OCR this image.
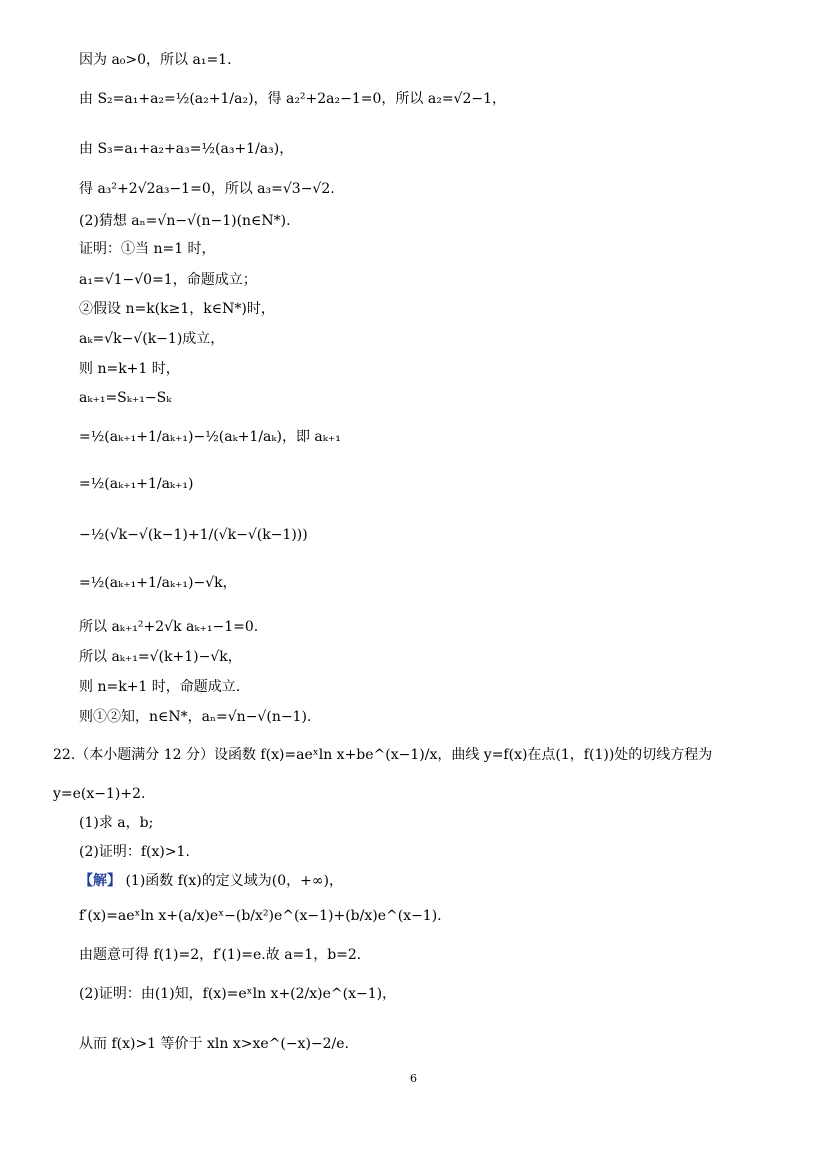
因为 a₀>0，所以 a₁=1.
由 S₂=a₁+a₂=½(a₂+1/a₂)，得 a₂²+2a₂−1=0，所以 a₂=√2−1，
由 S₃=a₁+a₂+a₃=½(a₃+1/a₃)，
得 a₃²+2√2a₃−1=0，所以 a₃=√3−√2.
(2)猜想 aₙ=√n−√(n−1)(n∈N*).
证明：①当 n=1 时，
a₁=√1−√0=1，命题成立；
②假设 n=k(k≥1，k∈N*)时，
aₖ=√k−√(k−1)成立，
则 n=k+1 时，
aₖ₊₁=Sₖ₊₁−Sₖ
=½(aₖ₊₁+1/aₖ₊₁)−½(aₖ+1/aₖ)，即 aₖ₊₁
=½(aₖ₊₁+1/aₖ₊₁)
−½(√k−√(k−1)+1/(√k−√(k−1)))
=½(aₖ₊₁+1/aₖ₊₁)−√k，
所以 aₖ₊₁²+2√k aₖ₊₁−1=0.
所以 aₖ₊₁=√(k+1)−√k，
则 n=k+1 时，命题成立.
则①②知，n∈N*，aₙ=√n−√(n−1).
22.（本小题满分 12 分）设函数 f(x)=aeˣln x+be^(x−1)/x，曲线 y=f(x)在点(1，f(1))处的切线方程为
y=e(x−1)+2.
(1)求 a，b;
(2)证明：f(x)>1.
【解】 (1)函数 f(x)的定义域为(0，+∞)，
f′(x)=aeˣln x+(a/x)eˣ−(b/x²)e^(x−1)+(b/x)e^(x−1).
由题意可得 f(1)=2，f′(1)=e.故 a=1，b=2.
(2)证明：由(1)知，f(x)=eˣln x+(2/x)e^(x−1)，
从而 f(x)>1 等价于 xln x>xe^(−x)−2/e.
6
